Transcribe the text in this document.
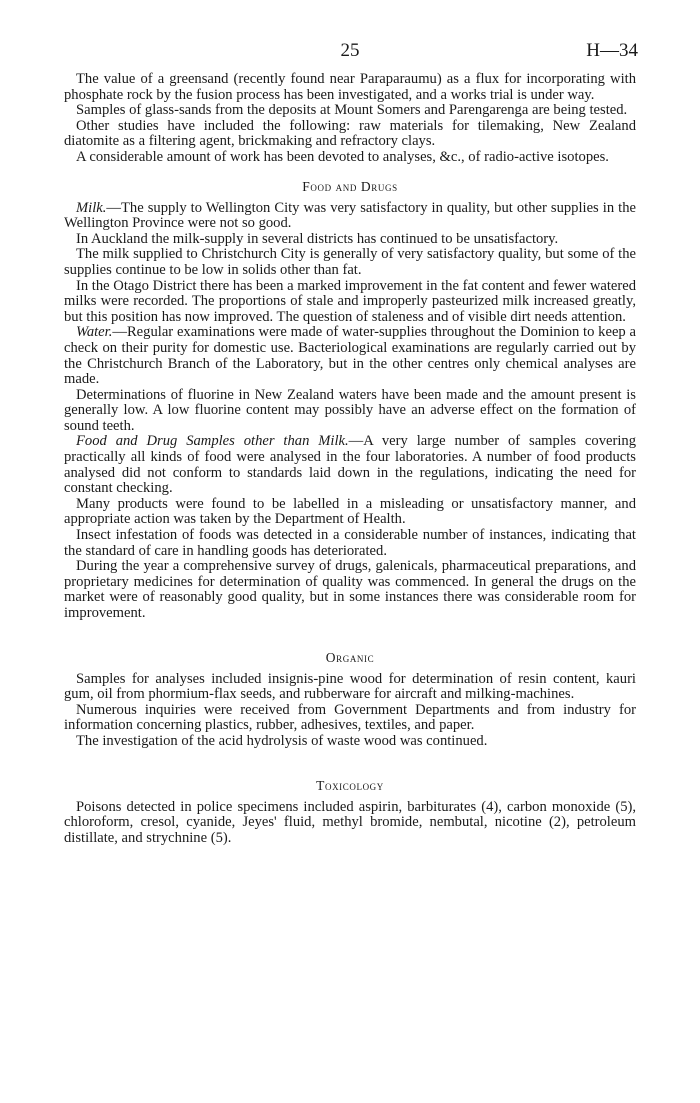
25	H—34

The value of a greensand (recently found near Paraparaumu) as a flux for incorporating with phosphate rock by the fusion process has been investigated, and a works trial is under way.

Samples of glass-sands from the deposits at Mount Somers and Parengarenga are being tested.

Other studies have included the following: raw materials for tilemaking, New Zealand diatomite as a filtering agent, brickmaking and refractory clays.

A considerable amount of work has been devoted to analyses, &c., of radio-active isotopes.

Food and Drugs

Milk.—The supply to Wellington City was very satisfactory in quality, but other supplies in the Wellington Province were not so good.

In Auckland the milk-supply in several districts has continued to be unsatisfactory.

The milk supplied to Christchurch City is generally of very satisfactory quality, but some of the supplies continue to be low in solids other than fat.

In the Otago District there has been a marked improvement in the fat content and fewer watered milks were recorded. The proportions of stale and improperly pasteurized milk increased greatly, but this position has now improved. The question of staleness and of visible dirt needs attention.

Water.—Regular examinations were made of water-supplies throughout the Dominion to keep a check on their purity for domestic use. Bacteriological examinations are regularly carried out by the Christchurch Branch of the Laboratory, but in the other centres only chemical analyses are made.

Determinations of fluorine in New Zealand waters have been made and the amount present is generally low. A low fluorine content may possibly have an adverse effect on the formation of sound teeth.

Food and Drug Samples other than Milk.—A very large number of samples covering practically all kinds of food were analysed in the four laboratories. A number of food products analysed did not conform to standards laid down in the regulations, indicating the need for constant checking.

Many products were found to be labelled in a misleading or unsatisfactory manner, and appropriate action was taken by the Department of Health.

Insect infestation of foods was detected in a considerable number of instances, indicating that the standard of care in handling goods has deteriorated.

During the year a comprehensive survey of drugs, galenicals, pharmaceutical preparations, and proprietary medicines for determination of quality was commenced. In general the drugs on the market were of reasonably good quality, but in some instances there was considerable room for improvement.

Organic

Samples for analyses included insignis-pine wood for determination of resin content, kauri gum, oil from phormium-flax seeds, and rubberware for aircraft and milking-machines.

Numerous inquiries were received from Government Departments and from industry for information concerning plastics, rubber, adhesives, textiles, and paper.

The investigation of the acid hydrolysis of waste wood was continued.

Toxicology

Poisons detected in police specimens included aspirin, barbiturates (4), carbon monoxide (5), chloroform, cresol, cyanide, Jeyes' fluid, methyl bromide, nembutal, nicotine (2), petroleum distillate, and strychnine (5).
